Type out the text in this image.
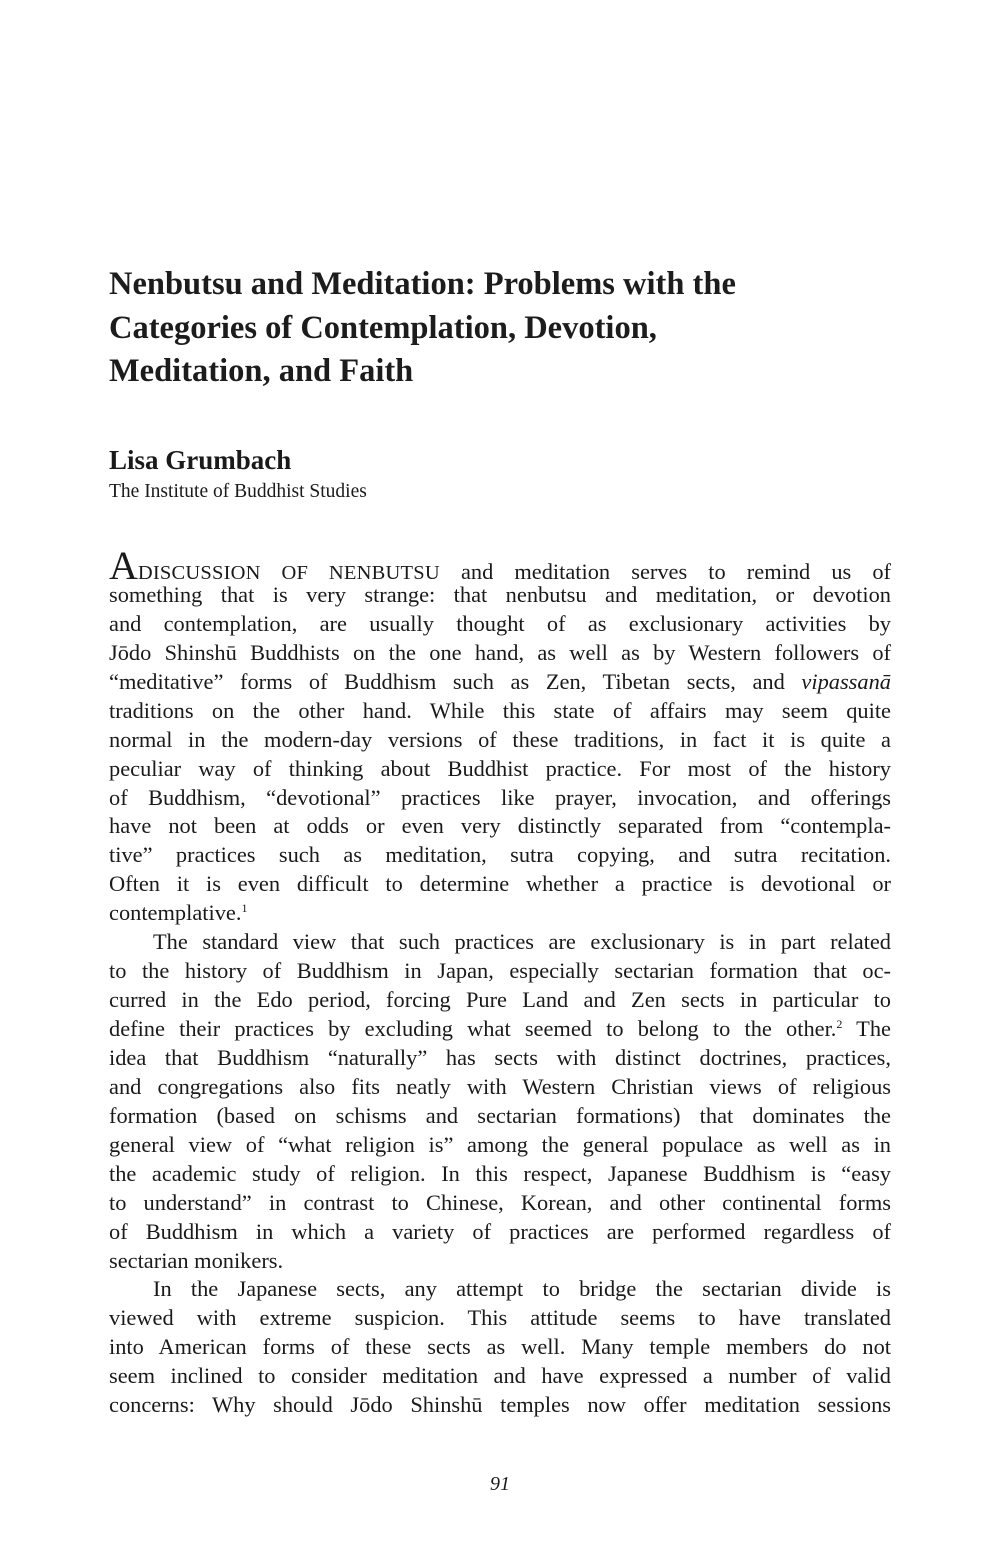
Nenbutsu and Meditation: Problems with the
Categories of Contemplation, Devotion,
Meditation, and Faith
Lisa Grumbach
The Institute of Buddhist Studies
ADISCUSSION OF NENBUTSU and meditation serves to remind us of
something that is very strange: that nenbutsu and meditation, or devotion
and contemplation, are usually thought of as exclusionary activities by
Jōdo Shinshū Buddhists on the one hand, as well as by Western followers of
“meditative” forms of Buddhism such as Zen, Tibetan sects, and vipassanā
traditions on the other hand. While this state of affairs may seem quite
normal in the modern-day versions of these traditions, in fact it is quite a
peculiar way of thinking about Buddhist practice. For most of the history
of Buddhism, “devotional” practices like prayer, invocation, and offerings
have not been at odds or even very distinctly separated from “contempla-
tive” practices such as meditation, sutra copying, and sutra recitation.
Often it is even difficult to determine whether a practice is devotional or
contemplative.$^1$
The standard view that such practices are exclusionary is in part related
to the history of Buddhism in Japan, especially sectarian formation that oc-
curred in the Edo period, forcing Pure Land and Zen sects in particular to
define their practices by excluding what seemed to belong to the other.$^2$ The
idea that Buddhism “naturally” has sects with distinct doctrines, practices,
and congregations also fits neatly with Western Christian views of religious
formation (based on schisms and sectarian formations) that dominates the
general view of “what religion is” among the general populace as well as in
the academic study of religion. In this respect, Japanese Buddhism is “easy
to understand” in contrast to Chinese, Korean, and other continental forms
of Buddhism in which a variety of practices are performed regardless of
sectarian monikers.
In the Japanese sects, any attempt to bridge the sectarian divide is
viewed with extreme suspicion. This attitude seems to have translated
into American forms of these sects as well. Many temple members do not
seem inclined to consider meditation and have expressed a number of valid
concerns: Why should Jōdo Shinshū temples now offer meditation sessions
91
